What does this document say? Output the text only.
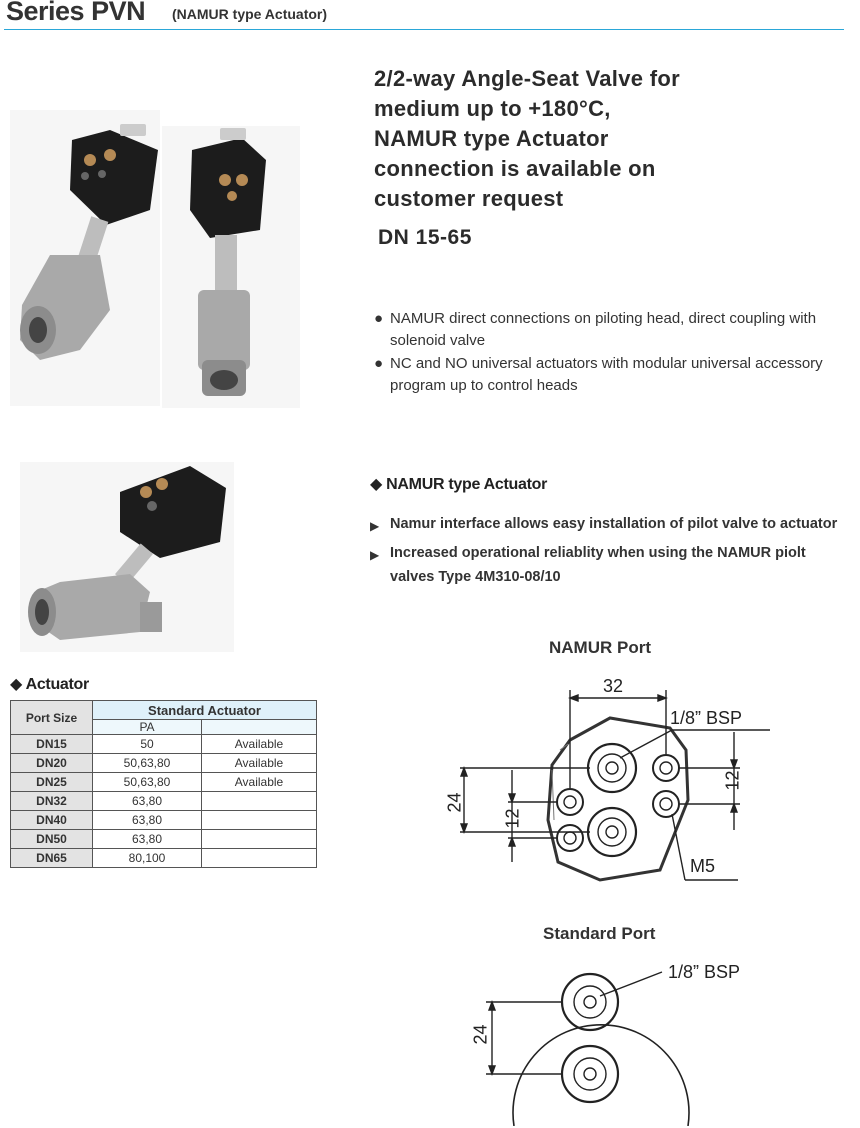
Series PVN (NAMUR type Actuator)
2/2-way Angle-Seat Valve for
medium up to +180°C,
NAMUR type Actuator
connection is available on
customer request
DN 15-65
● NAMUR direct connections on piloting head, direct coupling with solenoid valve
● NC and NO universal actuators with modular universal accessory program up to control heads
◆ NAMUR type Actuator
▶ Namur interface allows easy installation of pilot valve to actuator
▶ Increased operational reliablity when using the NAMUR piolt valves Type 4M310-08/10
◆ Actuator
Port Size	Standard Actuator	
	PA	
DN15	50	Available
DN20	50,63,80	Available
DN25	50,63,80	Available
DN32	63,80	
DN40	63,80	
DN50	63,80	
DN65	80,100	
NAMUR Port
32
1/8” BSP
24
12
12
M5
Standard Port
1/8” BSP
24
